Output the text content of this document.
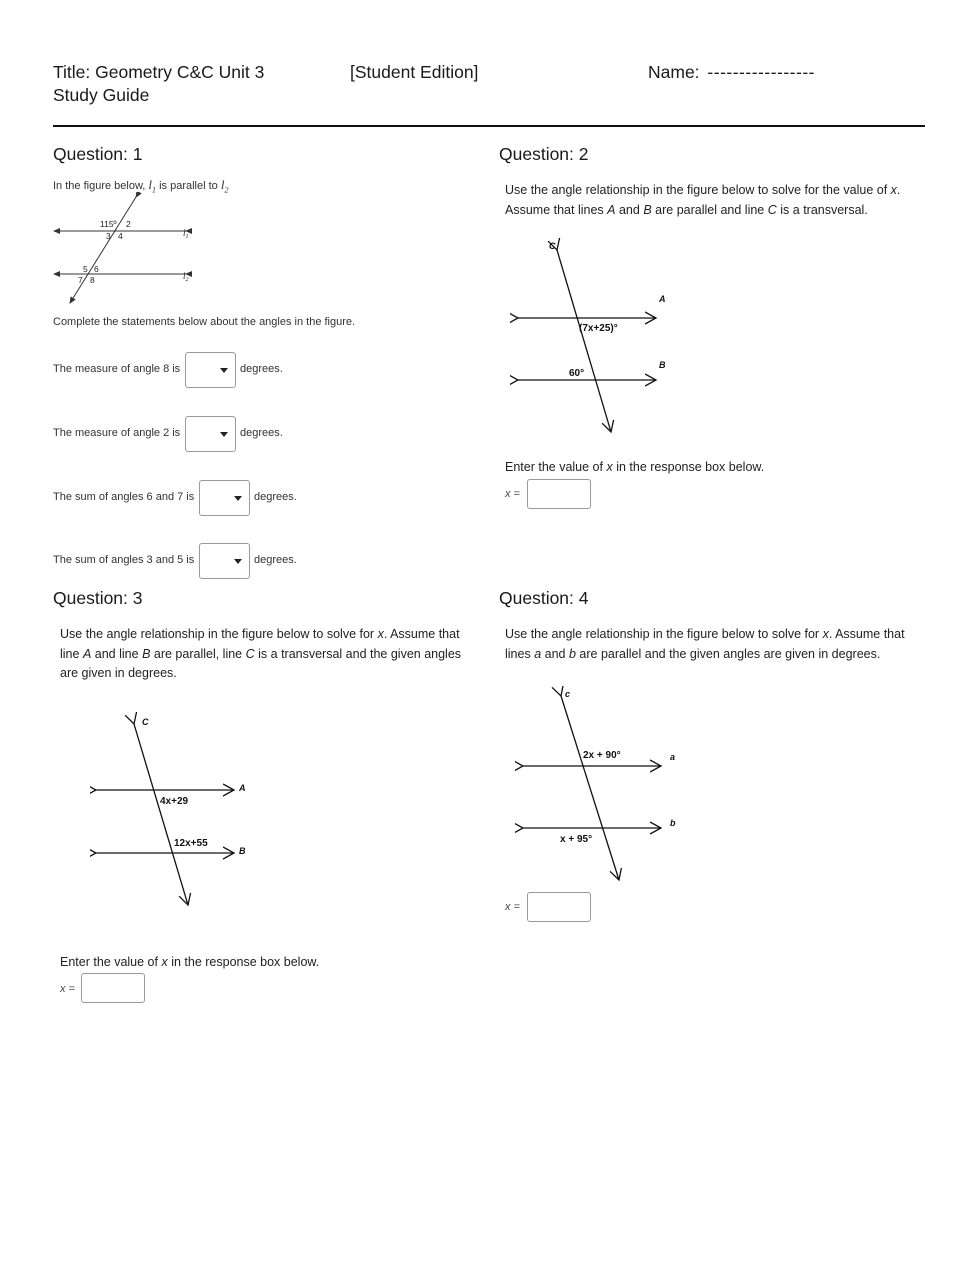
Title: Geometry C&C Unit 3
Study Guide
[Student Edition]	Name: -----------------
Question: 1
In the figure below, $l_1$ is parallel to $l_2$
115º 2
3 4
5 6
7 8
$l_1$
$l_2$
Complete the statements below about the angles in the figure.
The measure of angle 8 is	degrees.
The measure of angle 2 is	degrees.
The sum of angles 6 and 7 is	degrees.
The sum of angles 3 and 5 is	degrees.
Question: 2
Use the angle relationship in the figure below to solve for the value of x.
Assume that lines A and B are parallel and line C is a transversal.
C
A
B
(7x+25)°
60°
Enter the value of x in the response box below.
x =
Question: 3
Use the angle relationship in the figure below to solve for x. Assume that
line A and line B are parallel, line C is a transversal and the given angles
are given in degrees.
C
A
B
4x+29
12x+55
Enter the value of x in the response box below.
x =
Question: 4
Use the angle relationship in the figure below to solve for x. Assume that
lines a and b are parallel and the given angles are given in degrees.
c
a
b
2x + 90°
x + 95°
x =
